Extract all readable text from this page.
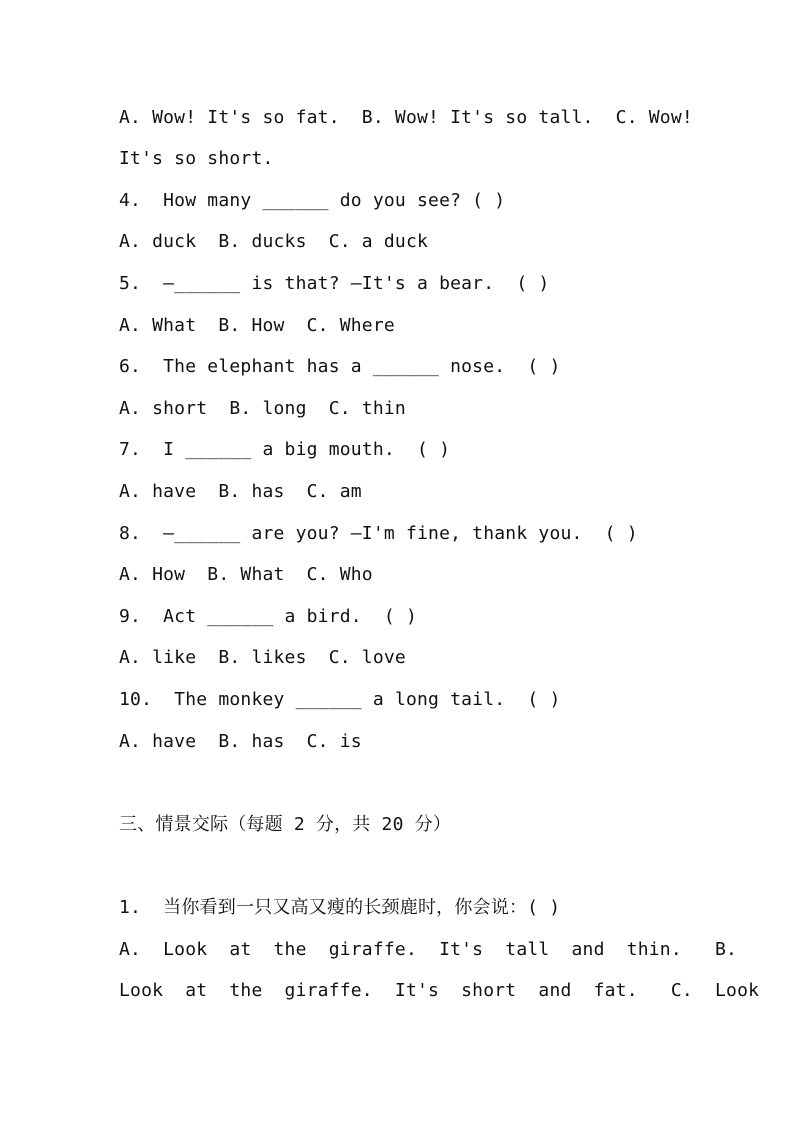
A. Wow! It's so fat.  B. Wow! It's so tall.  C. Wow!
It's so short.
4.  How many ______ do you see? ( )
A. duck  B. ducks  C. a duck
5.  —______ is that? —It's a bear.  ( )
A. What  B. How  C. Where
6.  The elephant has a ______ nose.  ( )
A. short  B. long  C. thin
7.  I ______ a big mouth.  ( )
A. have  B. has  C. am
8.  —______ are you? —I'm fine, thank you.  ( )
A. How  B. What  C. Who
9.  Act ______ a bird.  ( )
A. like  B. likes  C. love
10.  The monkey ______ a long tail.  ( )
A. have  B. has  C. is
三、情景交际（每题 2 分，共 20 分）
1.  当你看到一只又高又瘦的长颈鹿时，你会说：( )
A.  Look  at  the  giraffe.  It's  tall  and  thin.   B.
Look  at  the  giraffe.  It's  short  and  fat.   C.  Look
